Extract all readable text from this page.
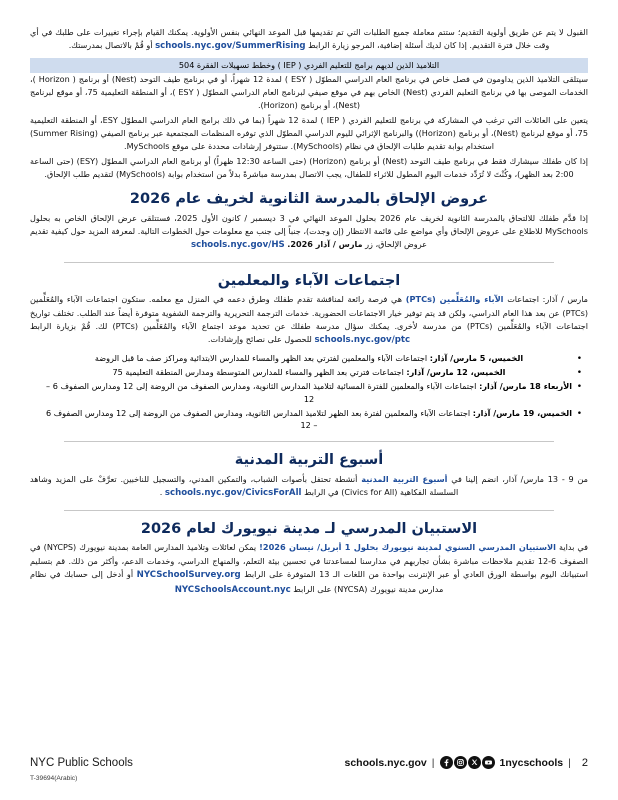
القبول لا يتم عن طريق أولوية التقديم؛ ستتم معاملة جميع الطلبات التي تم تقديمها قبل الموعد النهائي بنفس الأولوية. يمكنك القيام بإجراء تغييرات على طلبك في أي وقت خلال فترة التقديم. إذا كان لديك أسئلة إضافية، المرجو زيارة الرابط schools.nyc.gov/SummerRising أو قُمْ بالاتصال بمدرستك.

التلاميذ الذين لديهم برامج للتعليم الفردي ( IEP ) وخطط تسهيلات الفقرة 504

سيتلقى التلاميذ الذين يداومون في فصل خاص في برنامج العام الدراسي المطوّل ( ESY ) لمدة 12 شهراً، أو في برنامج طيف التوحد (Nest) أو برنامج ( Horizon )، الخدمات الموصى بها في برنامج التعليم الفردي (Nest) الخاص بهم في موقع صيفي لبرنامج العام الدراسي المطوّل ( ESY )، أو المنطقة التعليمية 75، أو موقع لبرنامج (Nest)، أو برنامج (Horizon).

يتعين على العائلات التي ترغب في المشاركة في برنامج للتعليم الفردي ( IEP ) لمدة 12 شهراً (بما في ذلك برامج العام الدراسي المطوّل ESY، أو المنطقة التعليمية 75، أو موقع لبرنامج (Nest)، أو برنامج (Horizon)) والبرنامج الإثرائي لليوم الدراسي المطوّل الذي توفره المنظمات المجتمعية عبر برنامج الصيفي (Summer Rising) استخدام بوابة تقديم طلبات الإلحاق في نظام (MySchools). ستتوفر إرشادات محددة على موقع MySchools.

إذا كان طفلك سيشارك فقط في برنامج طيف التوحد (Nest) أو برنامج (Horizon) (حتى الساعة 12:30 ظهراً) أو برنامج العام الدراسي المطوّل (ESY) (حتى الساعة 2:00 بعد الظهر)، وكُنْتَ لا تُرَدِّد خدمات اليوم المطول للاثراء للطفال، يجب الاتصال بمدرسة مباشرةً بدلاً من استخدام بوابة (MySchools) لتقديم طلب الإلحاق.

عروض الإلحاق بالمدرسة الثانوية لخريف عام 2026

إذا قدَّم طفلك للالتحاق بالمدرسة الثانوية لخريف عام 2026 بحلول الموعد النهائي في 3 ديسمبر / كانون الأول 2025، فستتلقى عرض الإلحاق الخاص به بحلول MySchools للاطلاع على عروض الإلحاق وأي مواضع على قائمة الانتظار (إن وجدت)، جنباً إلى جنب مع معلومات حول الخطوات التالية. لمعرفة المزيد حول كيفية تقديم عروض الإلحاق، زر مارس / آذار 2026. schools.nyc.gov/HS

اجتماعات الآباء والمعلمين

مارس / آذار: اجتماعات الآباء والمُعَلِّمين (PTCs) هي فرصة رائعة لمناقشة تقدم طفلك وطرق دعمه في المنزل مع معلمه. ستكون اجتماعات الآباء والمُعَلِّمين (PTCs) عن بعد هذا العام الدراسي، ولكن قد يتم توفير خيار الاجتماعات الحضورية. خدمات الترجمة التحريرية والترجمة الشفوية متوفرة أيضاً عند الطلب. تختلف تواريخ اجتماعات الآباء والمُعَلِّمين (PTCs) من مدرسة لأخرى. يمكنك سؤال مدرسة طفلك عن تحديد موعد اجتماع الآباء والمُعَلِّمين (PTCs) لك. قُمْ بزيارة الرابط schools.nyc.gov/ptc للحصول على نصائح وإرشادات.

• الخميس، 5 مارس/ آذار: اجتماعات الآباء والمعلمين لفترتي بعد الظهر والمساء للمدارس الابتدائية ومراكز صف ما قبل الروضة
• الخميس، 12 مارس/ آذار: اجتماعات فترتي بعد الظهر والمساء للمدارس المتوسطة ومدارس المنطقة التعليمية 75
• الأربعاء 18 مارس/ آذار: اجتماعات الآباء والمعلمين للفترة المسائية لتلاميذ المدارس الثانوية، ومدارس الصفوف من الروضة إلى 12 ومدارس الصفوف 6 – 12
• الخميس، 19 مارس/ آذار: اجتماعات الآباء والمعلمين لفترة بعد الظهر لتلاميذ المدارس الثانوية، ومدارس الصفوف من الروضة إلى 12 ومدارس الصفوف 6 – 12
أسبوع التربية المدنية

من 9 - 13 مارس/ آذار، انضم إلينا في أسبوع التربية المدنية أنشطة تحتفل بأصوات الشباب، والتمكين المدني، والتسجيل للناخبين. تعرَّفْ على المزيد وشاهد السلسلة الفكاهية (Civics for All) في الرابط schools.nyc.gov/CivicsForAll .

الاستبيان المدرسي لـ مدينة نيويورك لعام 2026

في بداية الاستبيان المدرسي السنوي لمدينة نيويورك بحلول 1 أبريل/ نيسان 2026! يمكن لعائلات وتلاميذ المدارس العامة بمدينة نيويورك (NYCPS) في الصفوف 6-12 تقديم ملاحظات مباشرة بشأن تجاربهم في مدارسنا لمساعدتنا في تحسين بيئة التعلم، والمنهاج الدراسي، وخدمات الدعم، وأكثر من ذلك. قم بتسليم استبيانك اليوم بواسطة الورق العادي أو عبر الإنترنت بواحدة من اللغات الـ 13 المتوفرة على الرابط NYCSchoolSurvey.org أو أدخل إلى حسابك في نظام مدارس مدينة نيويورك (NYCSA) على الرابط NYCSchoolsAccount.nyc

NYC Public Schools	schools.nyc.gov |	1nycschools | 2
T-39694(Arabic)
